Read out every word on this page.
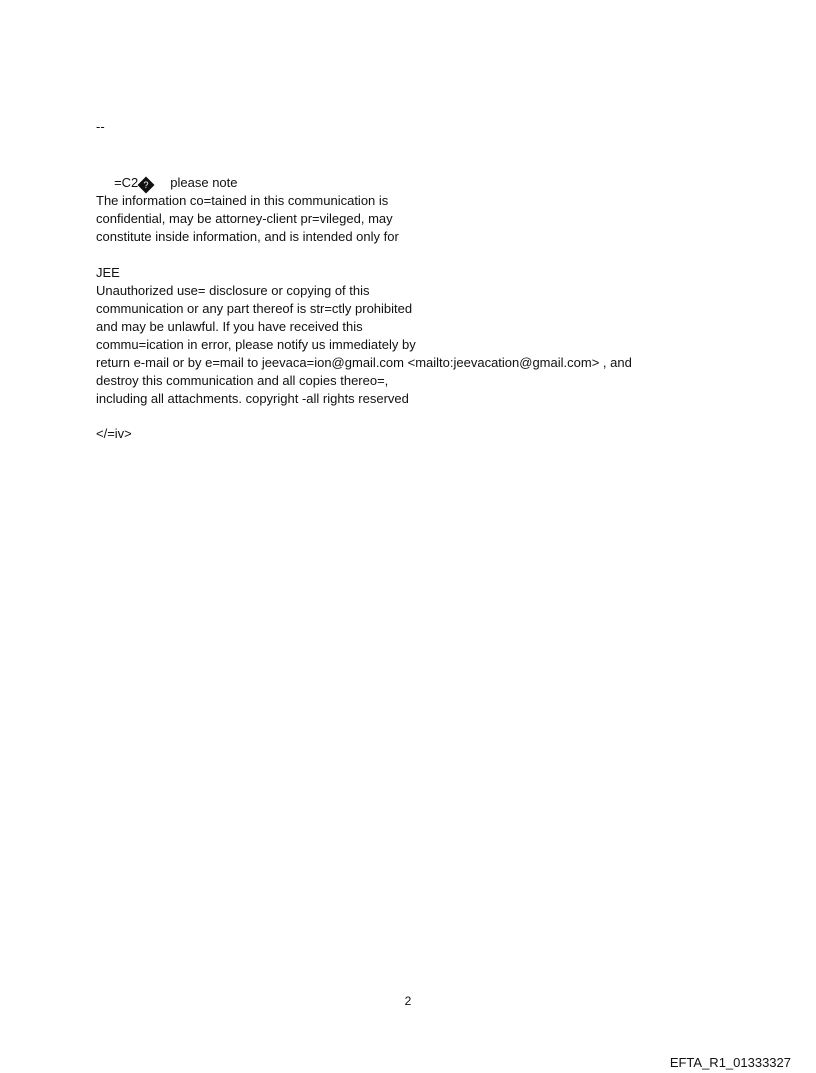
--

=C2 ? please note

The information co=tained in this communication is
confidential, may be attorney-client pr=vileged, may
constitute inside information, and is intended only for
JEE
Unauthorized use= disclosure or copying of this
communication or any part thereof is str=ctly prohibited
and may be unlawful. If you have received this
commu=ication in error, please notify us immediately by
return e-mail or by e=mail to jeevaca=ion@gmail.com <mailto:jeevacation@gmail.com> , and
destroy this communication and all copies thereo=,
including all attachments. copyright -all rights reserved
</=iv>
2
EFTA_R1_01333327
